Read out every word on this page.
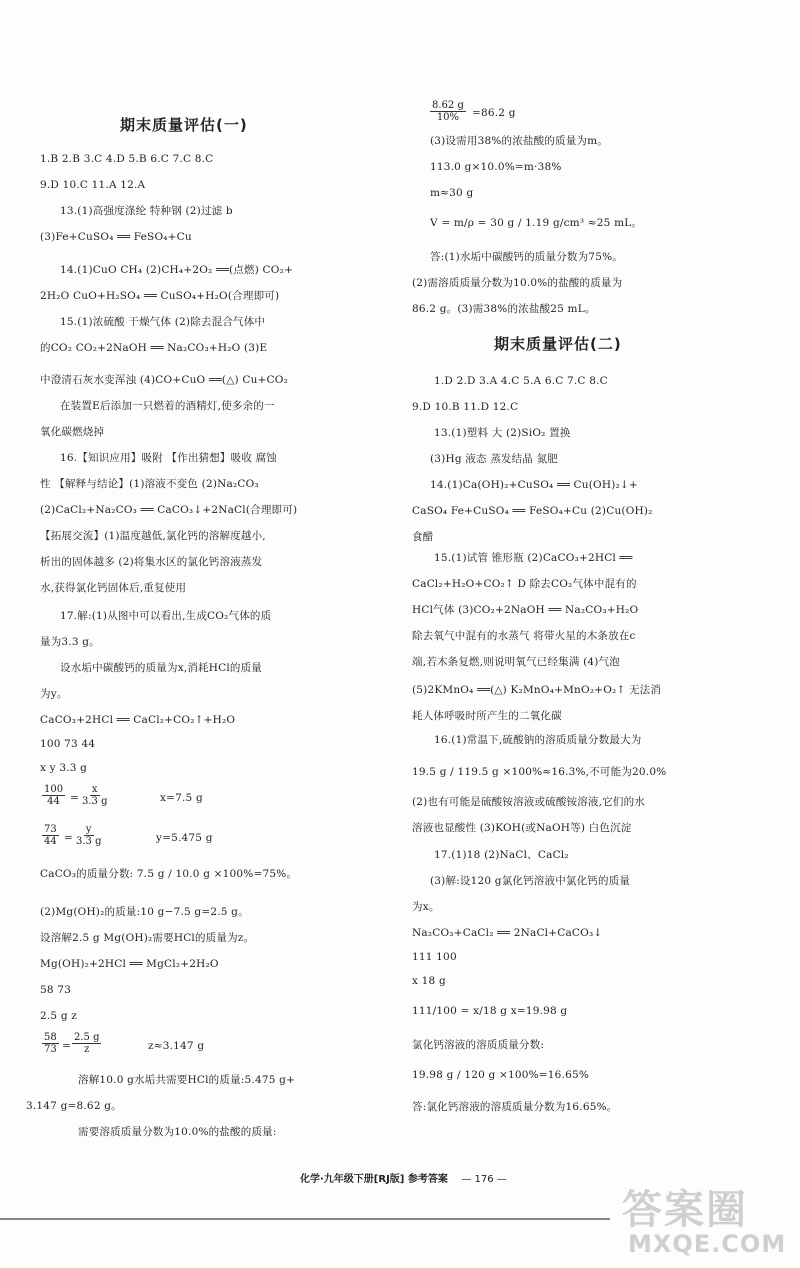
期末质量评估(一)
1.B 2.B 3.C 4.D 5.B 6.C 7.C 8.C
9.D 10.C 11.A 12.A
13.(1)高强度涤纶 特种钢 (2)过滤 b
(3)Fe+CuSO₄ ══ FeSO₄+Cu
14.(1)CuO CH₄ (2)CH₄+2O₂ ══(点燃) CO₂+
2H₂O CuO+H₂SO₄ ══ CuSO₄+H₂O(合理即可)
15.(1)浓硫酸 干燥气体 (2)除去混合气体中
的CO₂ CO₂+2NaOH ══ Na₂CO₃+H₂O (3)E
中澄清石灰水变浑浊 (4)CO+CuO ══(△) Cu+CO₂
在装置E后添加一只燃着的酒精灯,使多余的一
氧化碳燃烧掉
16.【知识应用】吸附 【作出猜想】吸收 腐蚀
性 【解释与结论】(1)溶液不变色 (2)Na₂CO₃
(2)CaCl₂+Na₂CO₃ ══ CaCO₃↓+2NaCl(合理即可)
【拓展交流】(1)温度越低,氯化钙的溶解度越小,
析出的固体越多 (2)将集水区的氯化钙溶液蒸发
水,获得氯化钙固体后,重复使用
17.解:(1)从图中可以看出,生成CO₂气体的质
量为3.3 g。
设水垢中碳酸钙的质量为x,消耗HCl的质量
为y。
CaCO₃+2HCl ══ CaCl₂+CO₂↑+H₂O
100 73 44
x y 3.3 g
$\frac{100}{44} = \frac{x}{3.3 g}$	x=7.5 g
$\frac{73}{44} = \frac{y}{3.3 g}$	y=5.475 g
CaCO₃的质量分数: 7.5 g / 10.0 g ×100%=75%。
(2)Mg(OH)₂的质量:10 g−7.5 g=2.5 g。
设溶解2.5 g Mg(OH)₂需要HCl的质量为z。
Mg(OH)₂+2HCl ══ MgCl₂+2H₂O
58 73
2.5 g z
$\frac{58}{73} = \frac{2.5 g}{z}$	z≈3.147 g
溶解10.0 g水垢共需要HCl的质量:5.475 g+
3.147 g=8.62 g。
需要溶质质量分数为10.0%的盐酸的质量:
$\frac{8.62 g}{10\%} =86.2$ g
(3)设需用38%的浓盐酸的质量为m。
113.0 g×10.0%=m·38%
m≈30 g
V = m/ρ = 30 g / 1.19 g/cm³ ≈25 mL。
答:(1)水垢中碳酸钙的质量分数为75%。
(2)需溶质质量分数为10.0%的盐酸的质量为
86.2 g。(3)需38%的浓盐酸25 mL。
期末质量评估(二)
1.D 2.D 3.A 4.C 5.A 6.C 7.C 8.C
9.D 10.B 11.D 12.C
13.(1)塑料 大 (2)SiO₂ 置换
(3)Hg 液态 蒸发结晶 氮肥
14.(1)Ca(OH)₂+CuSO₄ ══ Cu(OH)₂↓+
CaSO₄ Fe+CuSO₄ ══ FeSO₄+Cu (2)Cu(OH)₂
食醋
15.(1)试管 锥形瓶 (2)CaCO₃+2HCl ══
CaCl₂+H₂O+CO₂↑ D 除去CO₂气体中混有的
HCl气体 (3)CO₂+2NaOH ══ Na₂CO₃+H₂O
除去氧气中混有的水蒸气 将带火星的木条放在c
端,若木条复燃,则说明氧气已经集满 (4)气泡
(5)2KMnO₄ ══(△) K₂MnO₄+MnO₂+O₂↑ 无法消
耗人体呼吸时所产生的二氧化碳
16.(1)常温下,硫酸钠的溶质质量分数最大为
19.5 g / 119.5 g ×100%≈16.3%,不可能为20.0%
(2)也有可能是硫酸铵溶液或硫酸铵溶液,它们的水
溶液也显酸性 (3)KOH(或NaOH等) 白色沉淀
17.(1)18 (2)NaCl、CaCl₂
(3)解:设120 g氯化钙溶液中氯化钙的质量
为x。
Na₂CO₃+CaCl₂ ══ 2NaCl+CaCO₃↓
111 100
x 18 g
111/100 = x/18 g x=19.98 g
氯化钙溶液的溶质质量分数:
19.98 g / 120 g ×100%=16.65%
答:氯化钙溶液的溶质质量分数为16.65%。
化学·九年级下册[RJ版] 参考答案 — 176 —
答案圈
MXQE.COM
